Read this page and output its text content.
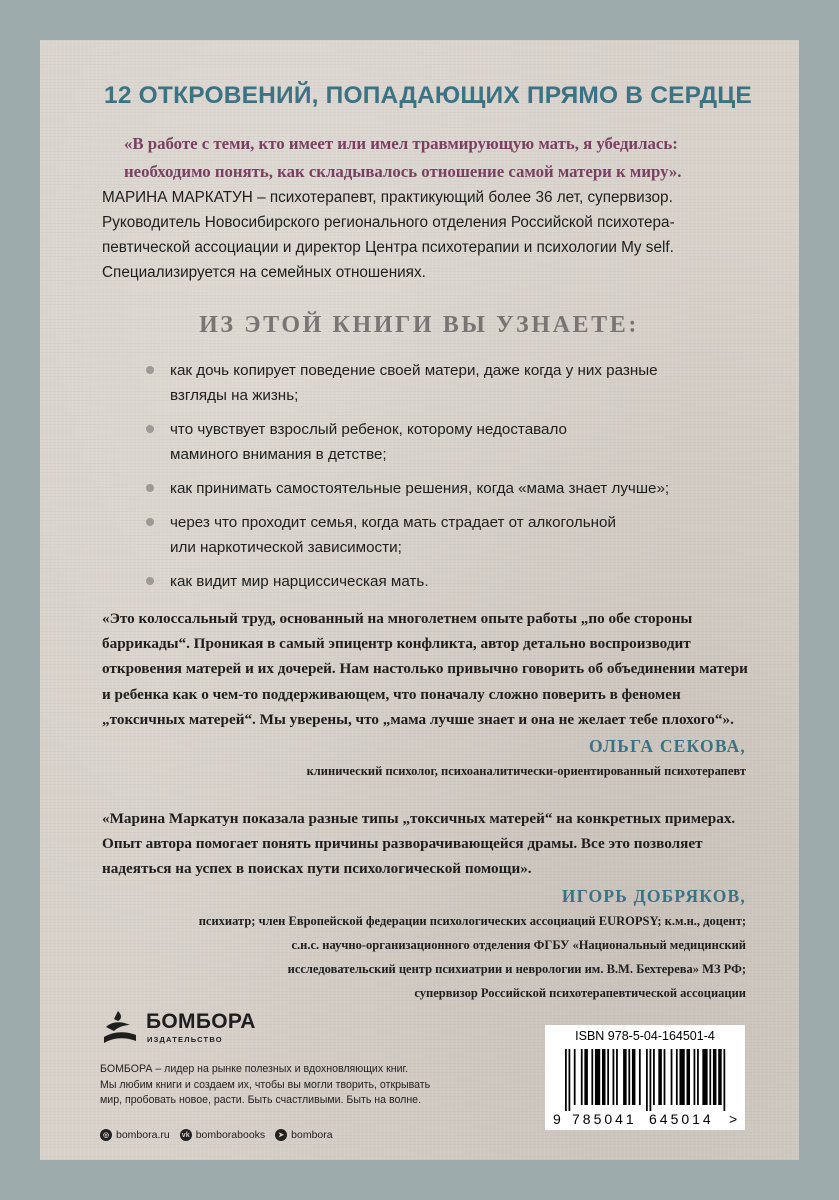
12 ОТКРОВЕНИЙ, ПОПАДАЮЩИХ ПРЯМО В СЕРДЦЕ
«В работе с теми, кто имеет или имел травмирующую мать, я убедилась:
необходимо понять, как складывалось отношение самой матери к миру».
МАРИНА МАРКАТУН – психотерапевт, практикующий более 36 лет, супервизор.
Руководитель Новосибирского регионального отделения Российской психотера-
певтической ассоциации и директор Центра психотерапии и психологии My self.
Специализируется на семейных отношениях.
ИЗ ЭТОЙ КНИГИ ВЫ УЗНАЕТЕ:
как дочь копирует поведение своей матери, даже когда у них разные
взгляды на жизнь;
что чувствует взрослый ребенок, которому недоставало
маминого внимания в детстве;
как принимать самостоятельные решения, когда «мама знает лучше»;
через что проходит семья, когда мать страдает от алкогольной
или наркотической зависимости;
как видит мир нарциссическая мать.
«Это колоссальный труд, основанный на многолетнем опыте работы „по обе стороны
баррикады“. Проникая в самый эпицентр конфликта, автор детально воспроизводит
откровения матерей и их дочерей. Нам настолько привычно говорить об объединении матери
и ребенка как о чем-то поддерживающем, что поначалу сложно поверить в феномен
„токсичных матерей“. Мы уверены, что „мама лучше знает и она не желает тебе плохого“».
ОЛЬГА СЕКОВА,
клинический психолог, психоаналитически-ориентированный психотерапевт
«Марина Маркатун показала разные типы „токсичных матерей“ на конкретных примерах.
Опыт автора помогает понять причины разворачивающейся драмы. Все это позволяет
надеяться на успех в поисках пути психологической помощи».
ИГОРЬ ДОБРЯКОВ,
психиатр; член Европейской федерации психологических ассоциаций EUROPSY; к.м.н., доцент;
с.н.с. научно-организационного отделения ФГБУ «Национальный медицинский
исследовательский центр психиатрии и неврологии им. В.М. Бехтерева» МЗ РФ;
супервизор Российской психотерапевтической ассоциации
БОМБОРА
ИЗДАТЕЛЬСТВО
БОМБОРА – лидер на рынке полезных и вдохновляющих книг.
Мы любим книги и создаем их, чтобы вы могли творить, открывать
мир, пробовать новое, расти. Быть счастливыми. Быть на волне.
◎ bombora.ru vk bomborabooks	➤ bombora
ISBN 978-5-04-164501-4
9 785041 645014 >
